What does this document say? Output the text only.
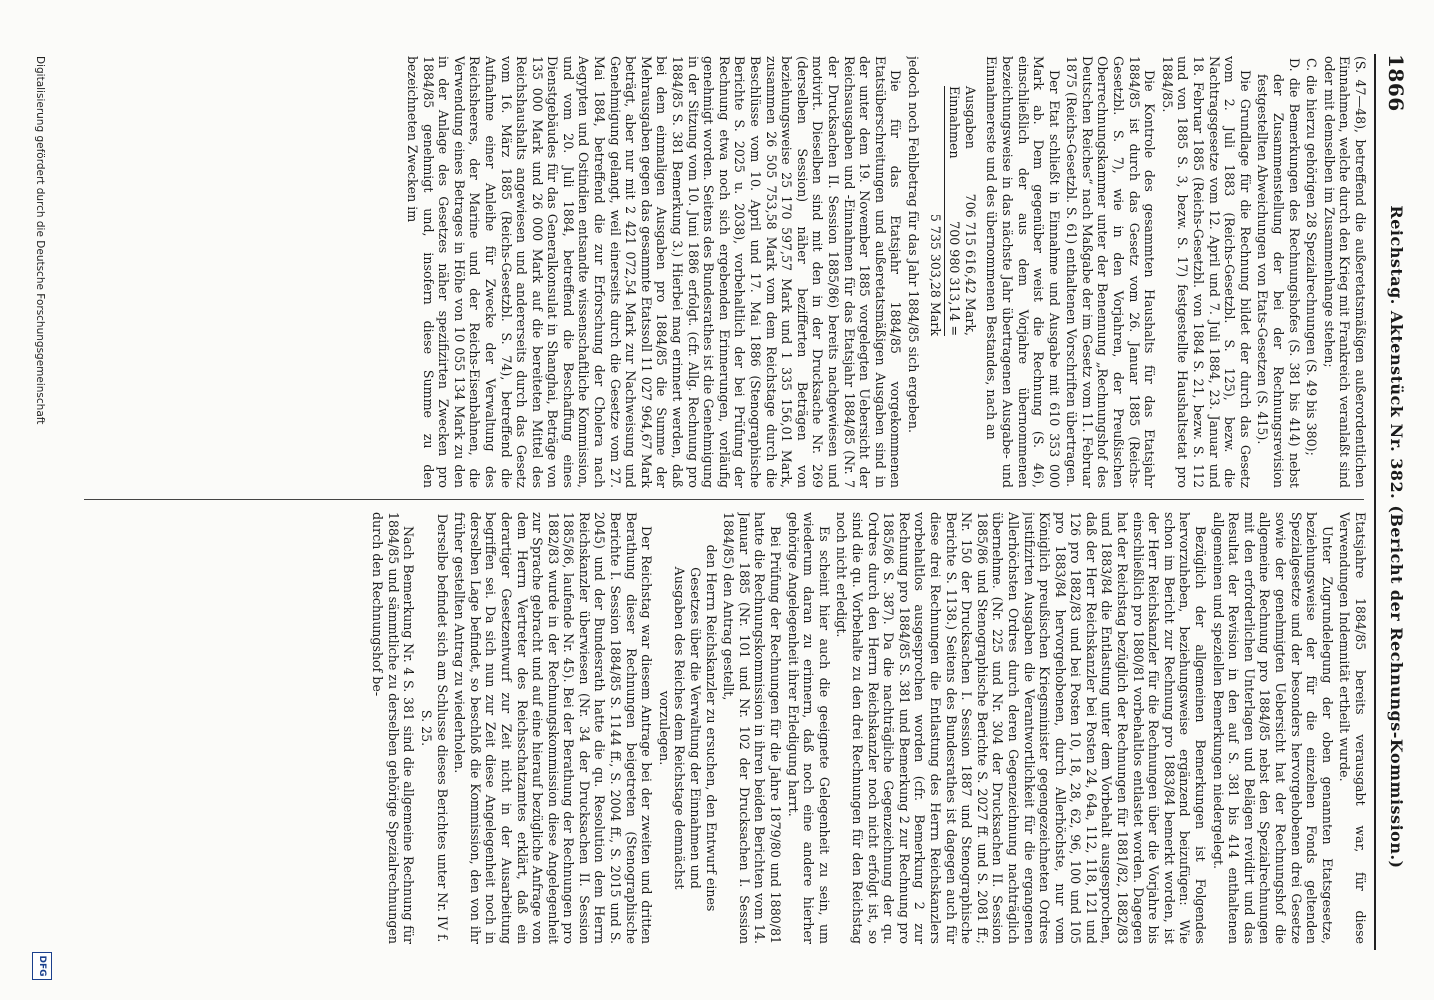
1866
Reichstag. Aktenstück Nr. 382. (Bericht der Rechnungs-Kommission.)

(S. 47—48), betreffend die außeretatsmäßigen außerordentlichen Einnahmen, welche durch den Krieg mit Frankreich veranlaßt sind oder mit demselben im Zusammenhange stehen;

C. die hierzu gehörigen 28 Spezialrechnungen (S. 49 bis 380);

D. die Bemerkungen des Rechnungshofes (S. 381 bis 414) nebst der Zusammenstellung der bei der Rechnungsrevision festgestellten Abweichungen von Etats-Gesetzen (S. 415).

Die Grundlage für die Rechnung bildet der durch das Gesetz vom 2. Juli 1883 (Reichs-Gesetzbl. S. 125), bezw. die Nachtragsgesetze vom 12. April und 7. Juli 1884, 23. Januar und 18. Februar 1885 (Reichs-Gesetzbl. von 1884 S. 21, bezw. S. 112 und von 1885 S. 3, bezw. S. 17) festgestellte Haushaltsetat pro 1884/85.

Die Kontrole des gesammten Haushalts für das Etatsjahr 1884/85 ist durch das Gesetz vom 26. Januar 1885 (Reichs-Gesetzbl. S. 7), wie in den Vorjahren, der Preußischen Oberrechnungskammer unter der Benennung „Rechnungshof des Deutschen Reiches“ nach Maßgabe der im Gesetz vom 11. Februar 1875 (Reichs-Gesetzbl. S. 61) enthaltenen Vorschriften übertragen.

Der Etat schließt in Einnahme und Ausgabe mit 610 353 000 Mark ab. Dem gegenüber weist die Rechnung (S. 46), einschließlich der aus dem Vorjahre übernommenen bezeichungsweise in das nächste Jahr übertragenen Ausgabe- und Einnahmereste und des übernommenen Bestandes, nach an

Ausgaben
706 715 616,42 Mark,
Einnahmen
700 980 313,14 =
5 735 303,28 Mark

jedoch noch Fehlbetrag für das Jahr 1884/85 sich ergeben.

Die für das Etatsjahr 1884/85 vorgekommenen Etatsüberschreitungen und außeretatsmäßigen Ausgaben sind in der unter dem 19. November 1885 vorgelegten Uebersicht der Reichsausgaben und -Einnahmen für das Etatsjahr 1884/85 (Nr. 7 der Drucksachen II. Session 1885/86) bereits nachgewiesen und motivirt. Dieselben sind mit den in der Drucksache Nr. 269 (derselben Session) näher bezifferten Beträgen von beziehungsweise 25 170 597,57 Mark und 1 335 156,01 Mark, zusammen 26 505 753,58 Mark vom dem Reichstage durch die Beschlüsse vom 10. April und 17. Mai 1886 (Stenographische Berichte S. 2025 u. 2038), vorbehaltlich der bei Prüfung der Rechnung etwa noch sich ergebenden Erinnerungen, vorläufig genehmigt worden. Seitens des Bundesrathes ist die Genehmigung in der Sitzung vom 10. Juni 1886 erfolgt. (cfr. Allg. Rechnung pro 1884/85 S. 381 Bemerkung 3.) Hierbei mag erinnert werden, daß bei dem einmaligen Ausgaben pro 1884/85 die Summe der Mehrausgaben gegen das gesammte Etatssoll 11 027 964,67 Mark beträgt, aber nur mit 2 421 072,54 Mark zur Nachweisung und Genehmigung gelangt, weil einerseits durch die Gesetze vom 27. Mai 1884, betreffend die zur Erforschung der Cholera nach Aegypten und Ostindien entsandte wissenschaftliche Kommission, und vom 20. Juli 1884, betreffend die Beschaffung eines Dienstgebäudes für das Generalkonsulat in Shanghai, Beträge von 135 000 Mark und 26 000 Mark auf die bereiteten Mittel des Reichshaushalts angewiesen und andererseits durch das Gesetz vom 16. März 1885 (Reichs-Gesetzbl. S. 74), betreffend die Aufnahme einer Anleihe für Zwecke der Verwaltung des Reichsheeres, der Marine und der Reichs-Eisenbahnen, die Verwendung eines Betrages in Höhe von 10 055 134 Mark zu den in der Anlage des Gesetzes näher spezifizirten Zwecken pro 1884/85 genehmigt und, insofern diese Summe zu den bezeichneten Zwecken im

Etatsjahre 1884/85 bereits verausgabt war, für diese Verwendungen Indemnität ertheilt wurde.

Unter Zugrundelegung der oben genannten Etatsgesetze, beziehungsweise der für die einzelnen Fonds geltenden Spezialgesetze und der besonders hervorgehobenen drei Gesetze sowie der genehmigten Uebersicht hat der Rechnungshof die allgemeine Rechnung pro 1884/85 nebst den Spezialrechnungen mit den erforderlichen Unterlagen und Belägen revidirt und das Resultat der Revision in den auf S. 381 bis 414 enthaltenen allgemeinen und speziellen Bemerkungen niedergelegt.

Bezüglich der allgemeinen Bemerkungen ist Folgendes hervorzuheben, beziehungsweise ergänzend beizufügen: Wie schon im Bericht zur Rechnung pro 1883/84 bemerkt worden, ist der Herr Reichskanzler für die Rechnungen über die Vorjahre bis einschließlich pro 1880/81 vorbehaltlos entlastet worden. Dagegen hat der Reichstag bezüglich der Rechnungen für 1881/82, 1882/83 und 1883/84 die Entlastung unter dem Vorbehalt ausgesprochen, daß der Herr Reichskanzler bei Posten 24, 64a, 112, 118, 121 und 126 pro 1882/83 und bei Posten 10, 18, 28, 62, 96, 100 und 105 pro 1883/84 hervorgehobenen, durch Allerhöchste, nur vom Königlich preußischen Kriegsminister gegengezeichneten Ordres justifizirten Ausgaben die Verantwortlichkeit für die ergangenen Allerhöchsten Ordres durch deren Gegenzeichnung nachträglich übernehme. (Nr. 225 und Nr. 304 der Drucksachen II. Session 1885/86 und Stenographische Berichte S. 2027 ff. und S. 2081 ff.; Nr. 150 der Drucksachen I. Session 1887 und Stenographische Berichte S. 1138.) Seitens des Bundesrathes ist dagegen auch für diese drei Rechnungen die Entlastung des Herrn Reichskanzlers vorbehaltlos ausgesprochen worden (cfr. Bemerkung 2 zur Rechnung pro 1884/85 S. 381 und Bemerkung 2 zur Rechnung pro 1885/86 S. 387). Da die nachträgliche Gegenzeichnung der qu. Ordres durch den Herrn Reichskanzler noch nicht erfolgt ist, so sind die qu. Vorbehalte zu den drei Rechnungen für den Reichstag noch nicht erledigt.

Es scheint hier auch die geeignete Gelegenheit zu sein, um wiederum daran zu erinnern, daß noch eine andere hierher gehörige Angelegenheit ihrer Erledigung harrt.

Bei Prüfung der Rechnungen für die Jahre 1879/80 und 1880/81 hatte die Rechnungskommission in ihren beiden Berichten vom 14. Januar 1885 (Nr. 101 und Nr. 102 der Drucksachen I. Session 1884/85) den Antrag gestellt,

den Herrn Reichskanzler zu ersuchen, den Entwurf eines Gesetzes über die Verwaltung der Einnahmen und Ausgaben des Reiches dem Reichstage demnächst vorzulegen.

Der Reichstag war diesem Antrage bei der zweiten und dritten Berathung dieser Rechnungen beigetreten (Stenographische Berichte I. Session 1884/85 S. 1144 ff., S. 2004 ff., S. 2015 und S. 2045) und der Bundesrath hatte die qu. Resolution dem Herrn Reichskanzler überwiesen (Nr. 34 der Drucksachen II. Session 1885/86, laufende Nr. 45). Bei der Berathung der Rechnungen pro 1882/83 wurde in der Rechnungskommission diese Angelegenheit zur Sprache gebracht und auf eine hierauf bezügliche Anfrage von dem Herrn Vertreter des Reichsschatzamtes erklärt, daß ein derartiger Gesetzentwurf zur Zeit nicht in der Ausarbeitung begriffen sei. Da sich nun zur Zeit diese Angelegenheit noch in derselben Lage befindet, so beschloß die Kommission, den von ihr früher gestellten Antrag zu wiederholen.

Derselbe befindet sich am Schlusse dieses Berichtes unter Nr. IV f. S. 25.

Nach Bemerkung Nr. 4 S. 381 sind die allgemeine Rechnung für 1884/85 und sämmtliche zu derselben gehörige Spezialrechnungen durch den Rechnungshof be-

Digitalisierung gefördert durch die Deutsche Forschungsgemeinschaft
DFG
